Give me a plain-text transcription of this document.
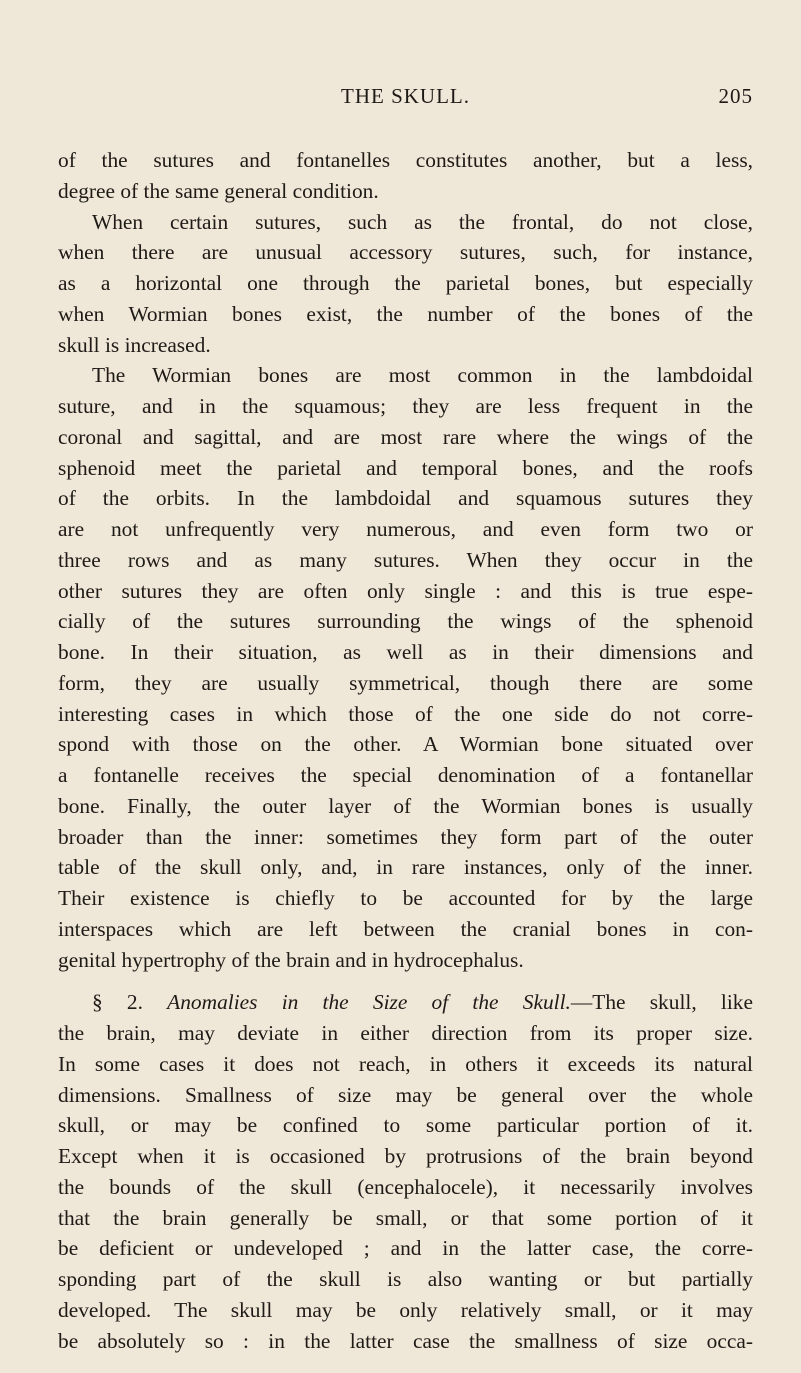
THE SKULL.	205
of the sutures and fontanelles constitutes another, but a less,
degree of the same general condition.
When certain sutures, such as the frontal, do not close,
when there are unusual accessory sutures, such, for instance,
as a horizontal one through the parietal bones, but especially
when Wormian bones exist, the number of the bones of the
skull is increased.
The Wormian bones are most common in the lambdoidal
suture, and in the squamous; they are less frequent in the
coronal and sagittal, and are most rare where the wings of the
sphenoid meet the parietal and temporal bones, and the roofs
of the orbits. In the lambdoidal and squamous sutures they
are not unfrequently very numerous, and even form two or
three rows and as many sutures. When they occur in the
other sutures they are often only single : and this is true espe-
cially of the sutures surrounding the wings of the sphenoid
bone. In their situation, as well as in their dimensions and
form, they are usually symmetrical, though there are some
interesting cases in which those of the one side do not corre-
spond with those on the other. A Wormian bone situated over
a fontanelle receives the special denomination of a fontanellar
bone. Finally, the outer layer of the Wormian bones is usually
broader than the inner: sometimes they form part of the outer
table of the skull only, and, in rare instances, only of the inner.
Their existence is chiefly to be accounted for by the large
interspaces which are left between the cranial bones in con-
genital hypertrophy of the brain and in hydrocephalus.
§ 2. Anomalies in the Size of the Skull.—The skull, like
the brain, may deviate in either direction from its proper size.
In some cases it does not reach, in others it exceeds its natural
dimensions. Smallness of size may be general over the whole
skull, or may be confined to some particular portion of it.
Except when it is occasioned by protrusions of the brain beyond
the bounds of the skull (encephalocele), it necessarily involves
that the brain generally be small, or that some portion of it
be deficient or undeveloped ; and in the latter case, the corre-
sponding part of the skull is also wanting or but partially
developed. The skull may be only relatively small, or it may
be absolutely so : in the latter case the smallness of size occa-
